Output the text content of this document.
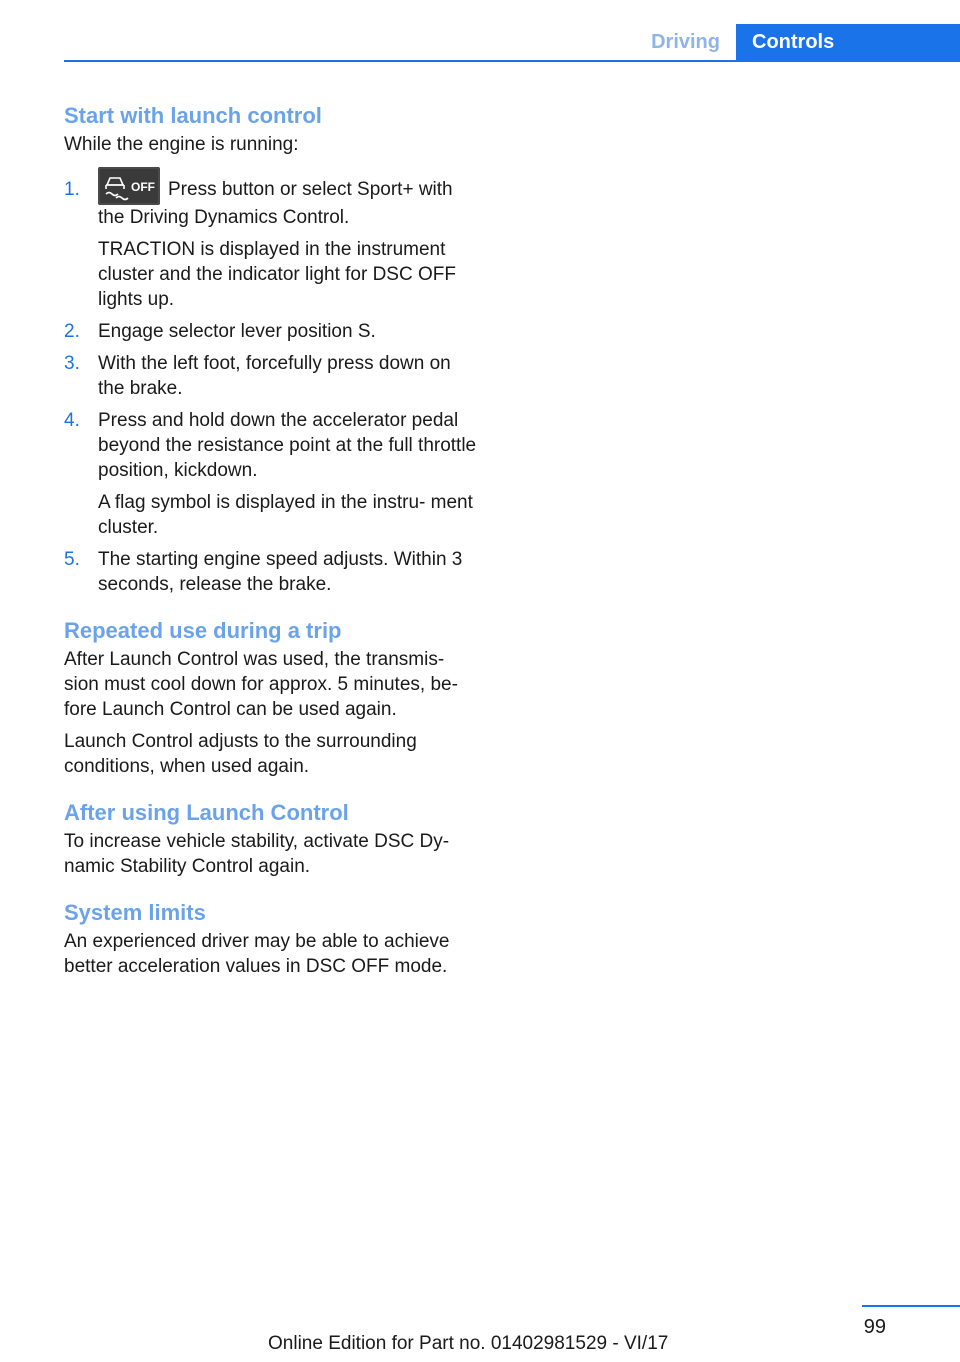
Driving	Controls
Start with launch control

While the engine is running:

1.	OFF Press button or select Sport+ with the Driving Dynamics Control.

TRACTION is displayed in the instrument cluster and the indicator light for DSC OFF lights up.

2. Engage selector lever position S.

3. With the left foot, forcefully press down on the brake.

4. Press and hold down the accelerator pedal beyond the resistance point at the full throttle position, kickdown.

A flag symbol is displayed in the instru‐ ment cluster.

5. The starting engine speed adjusts. Within 3 seconds, release the brake.

Repeated use during a trip

After Launch Control was used, the transmis‐ sion must cool down for approx. 5 minutes, be‐ fore Launch Control can be used again.

Launch Control adjusts to the surrounding conditions, when used again.

After using Launch Control

To increase vehicle stability, activate DSC Dy‐ namic Stability Control again.

System limits

An experienced driver may be able to achieve better acceleration values in DSC OFF mode.

99
Online Edition for Part no. 01402981529 - VI/17
